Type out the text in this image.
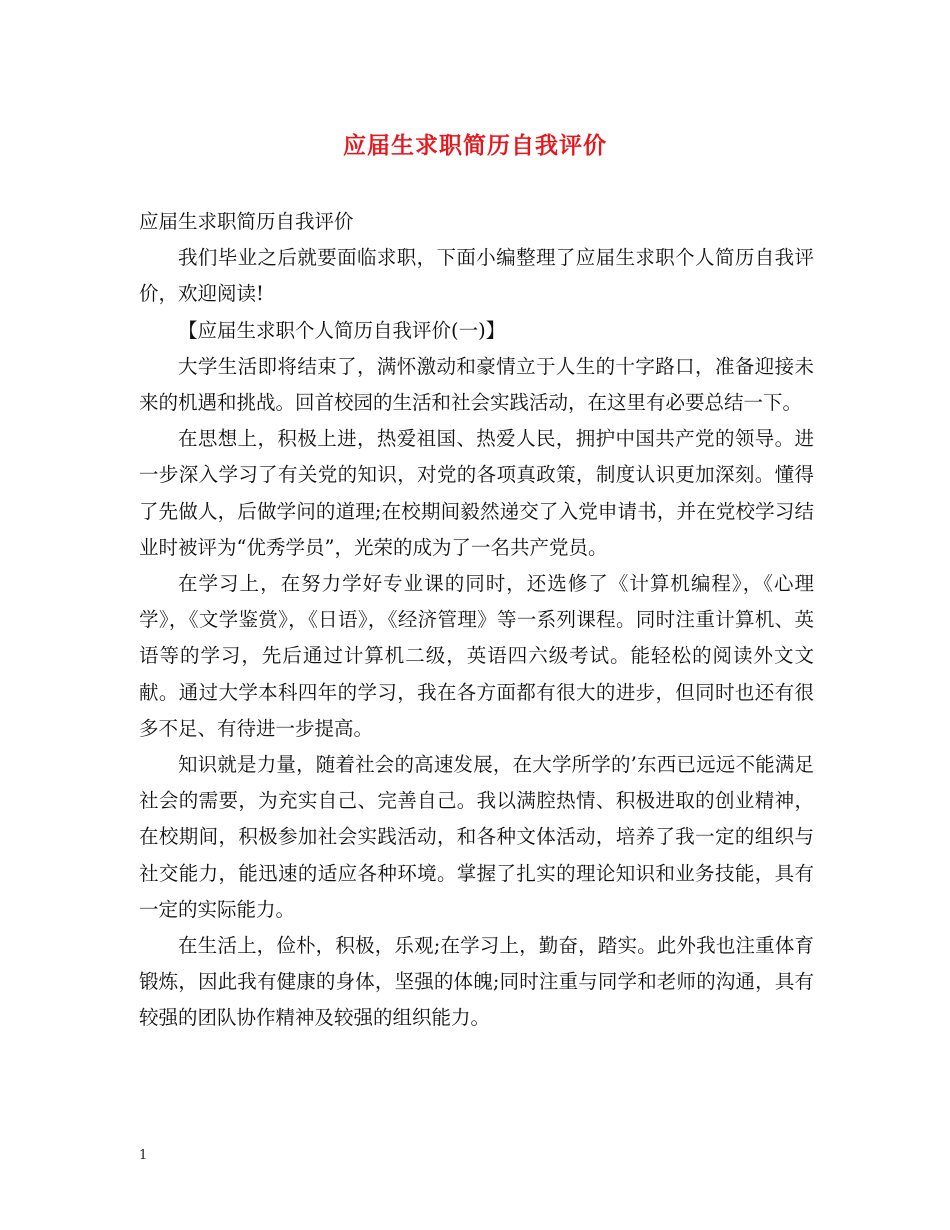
应届生求职简历自我评价

应届生求职简历自我评价

我们毕业之后就要面临求职，下面小编整理了应届生求职个人简历自我评价，欢迎阅读!

【应届生求职个人简历自我评价(一)】

大学生活即将结束了，满怀激动和豪情立于人生的十字路口，准备迎接未来的机遇和挑战。回首校园的生活和社会实践活动，在这里有必要总结一下。

在思想上，积极上进，热爱祖国、热爱人民，拥护中国共产党的领导。进一步深入学习了有关党的知识，对党的各项真政策，制度认识更加深刻。懂得了先做人，后做学问的道理;在校期间毅然递交了入党申请书，并在党校学习结业时被评为“优秀学员”，光荣的成为了一名共产党员。

在学习上，在努力学好专业课的同时，还选修了《计算机编程》，《心理学》，《文学鉴赏》，《日语》，《经济管理》等一系列课程。同时注重计算机、英语等的学习，先后通过计算机二级，英语四六级考试。能轻松的阅读外文文献。通过大学本科四年的学习，我在各方面都有很大的进步，但同时也还有很多不足、有待进一步提高。

知识就是力量，随着社会的高速发展，在大学所学的’东西已远远不能满足社会的需要，为充实自己、完善自己。我以满腔热情、积极进取的创业精神，在校期间，积极参加社会实践活动，和各种文体活动，培养了我一定的组织与社交能力，能迅速的适应各种环境。掌握了扎实的理论知识和业务技能，具有一定的实际能力。

在生活上，俭朴，积极，乐观;在学习上，勤奋，踏实。此外我也注重体育锻炼，因此我有健康的身体，坚强的体魄;同时注重与同学和老师的沟通，具有较强的团队协作精神及较强的组织能力。

1
